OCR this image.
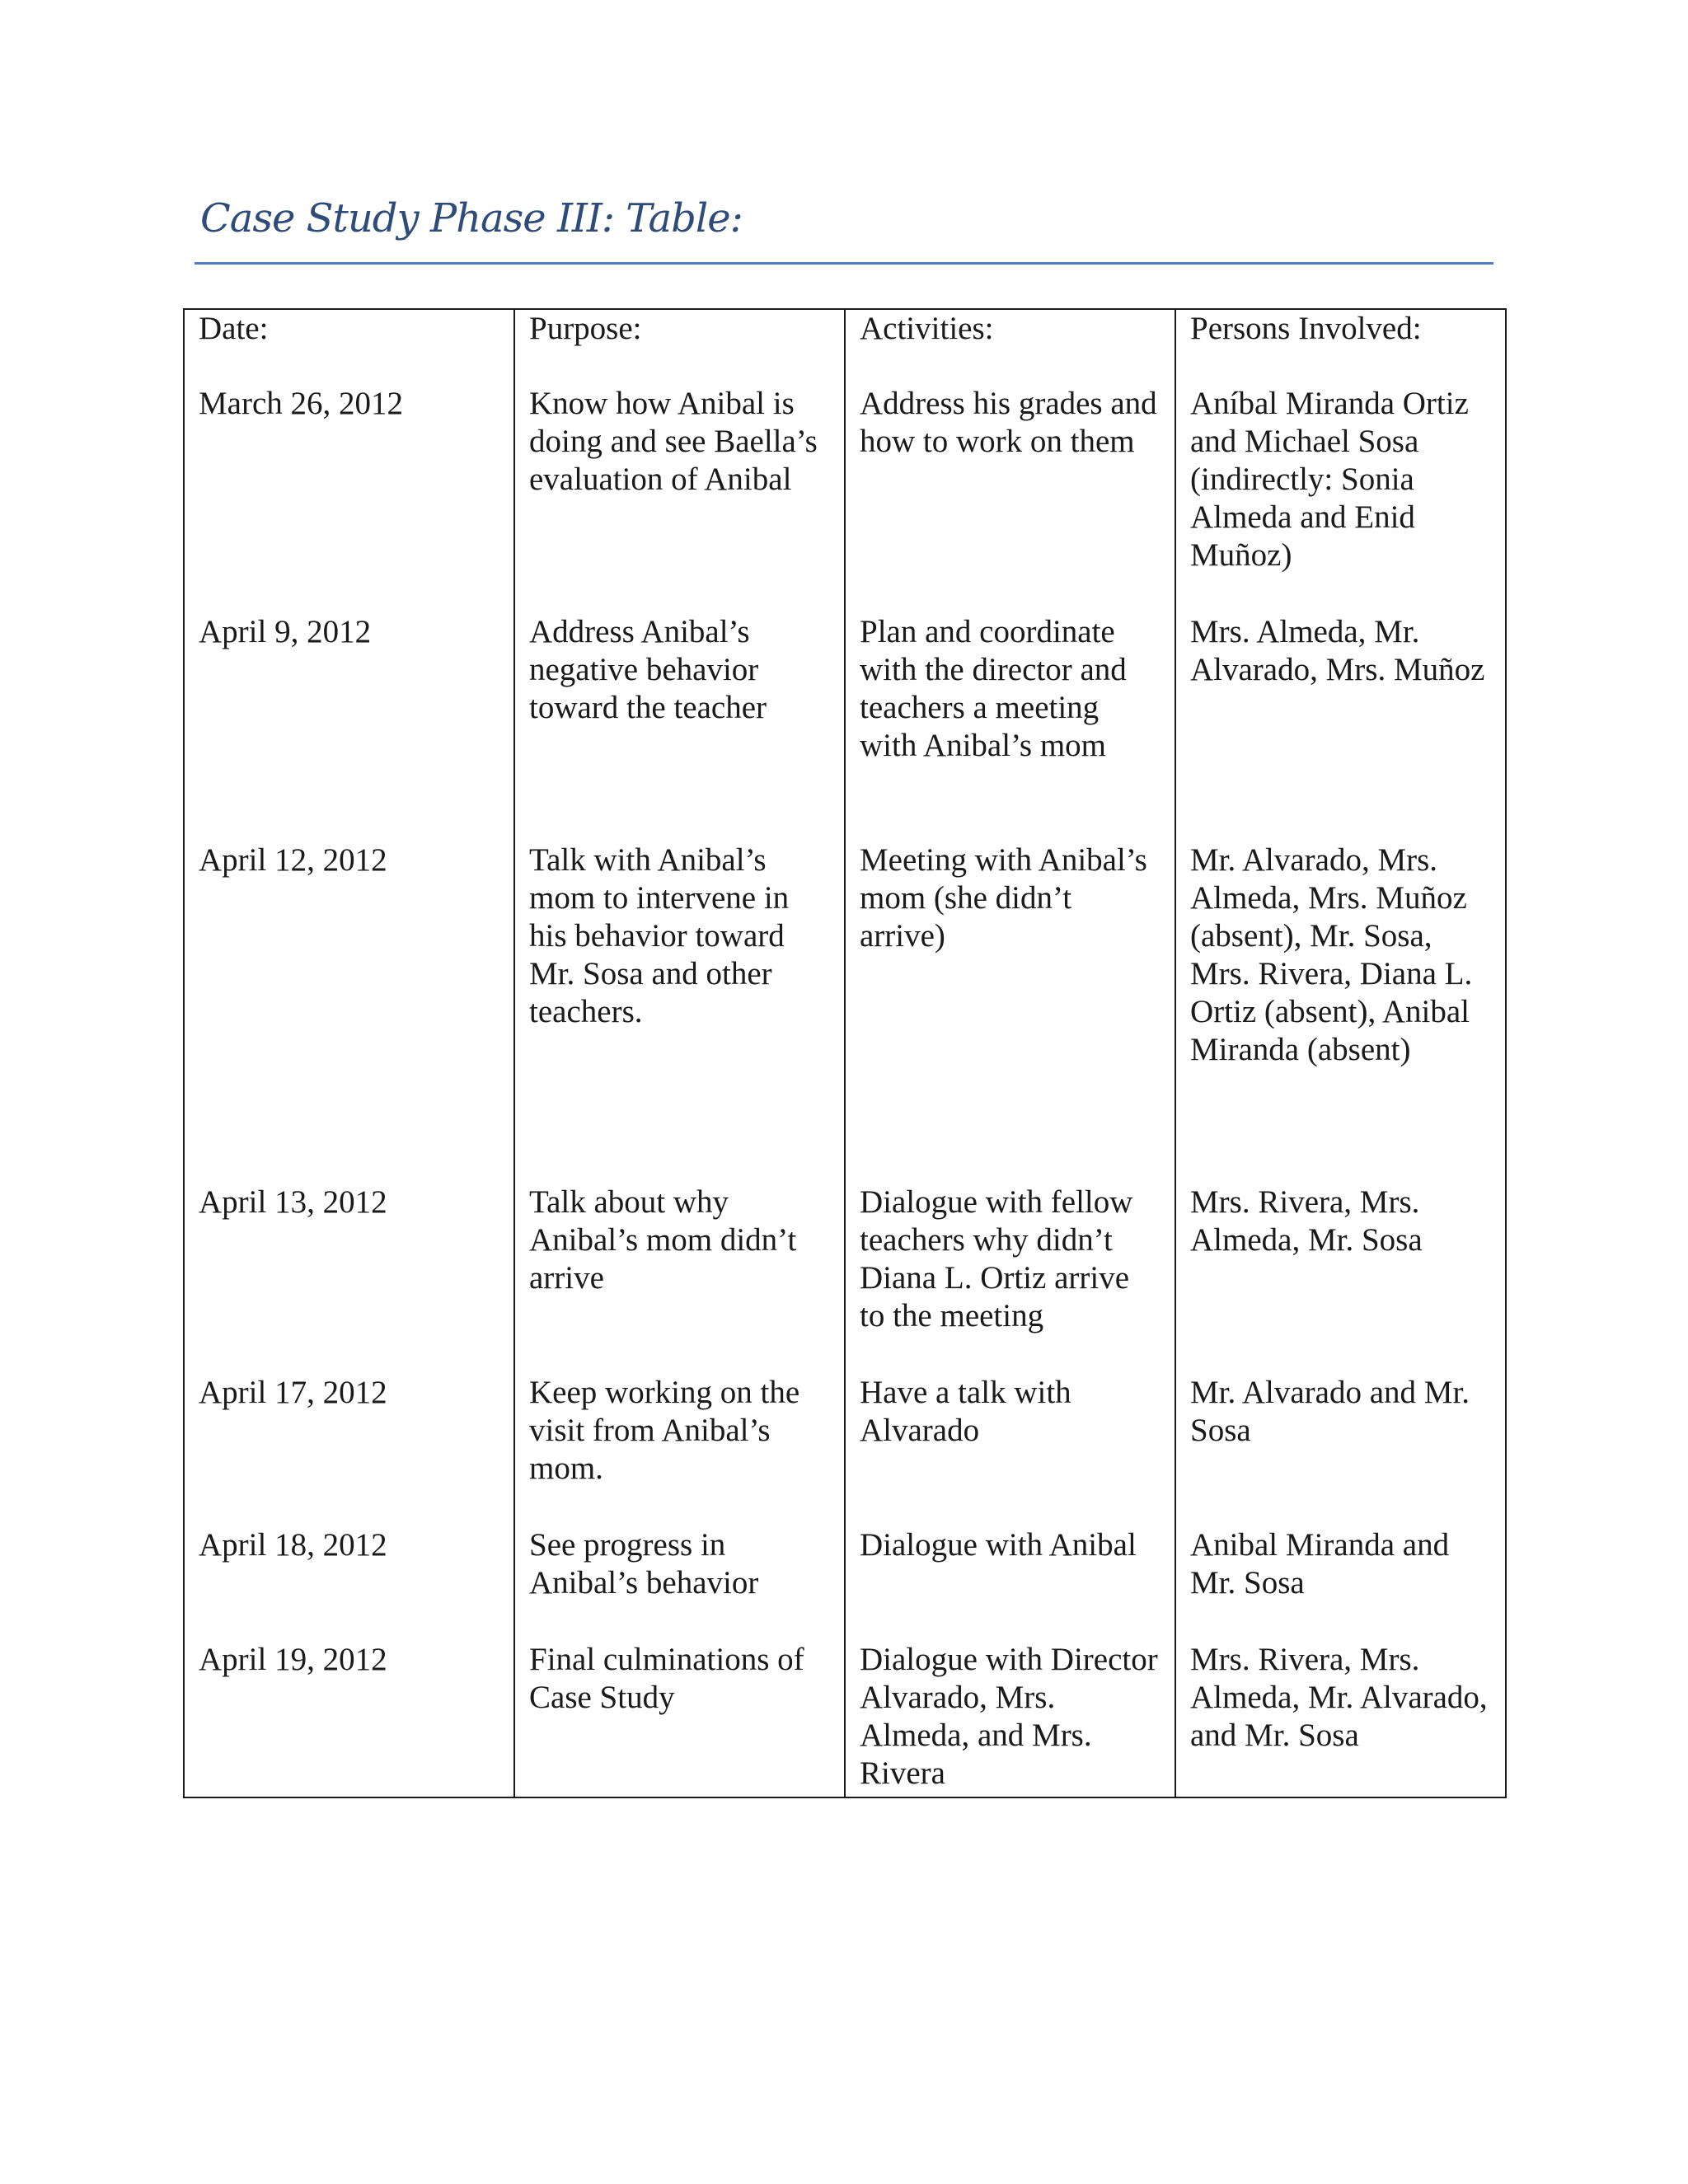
Case Study Phase III: Table:
Date:	Purpose:	Activities:	Persons Involved:
March 26, 2012	Know how Anibal is doing and see Baella’s evaluation of Anibal	Address his grades and how to work on them	Aníbal Miranda Ortiz and Michael Sosa (indirectly: Sonia Almeda and Enid Muñoz)
April 9, 2012	Address Anibal’s negative behavior toward the teacher	Plan and coordinate with the director and teachers a meeting with Anibal’s mom	Mrs. Almeda, Mr. Alvarado, Mrs. Muñoz
April 12, 2012	Talk with Anibal’s mom to intervene in his behavior toward Mr. Sosa and other teachers.	Meeting with Anibal’s mom (she didn’t arrive)	Mr. Alvarado, Mrs. Almeda, Mrs. Muñoz (absent), Mr. Sosa, Mrs. Rivera, Diana L. Ortiz (absent), Anibal Miranda (absent)
April 13, 2012	Talk about why Anibal’s mom didn’t arrive	Dialogue with fellow teachers why didn’t Diana L. Ortiz arrive to the meeting	Mrs. Rivera, Mrs. Almeda, Mr. Sosa
April 17, 2012	Keep working on the visit from Anibal’s mom.	Have a talk with Alvarado	Mr. Alvarado and Mr. Sosa
April 18, 2012	See progress in Anibal’s behavior	Dialogue with Anibal	Anibal Miranda and Mr. Sosa
April 19, 2012	Final culminations of Case Study	Dialogue with Director Alvarado, Mrs. Almeda, and Mrs. Rivera	Mrs. Rivera, Mrs. Almeda, Mr. Alvarado, and Mr. Sosa
